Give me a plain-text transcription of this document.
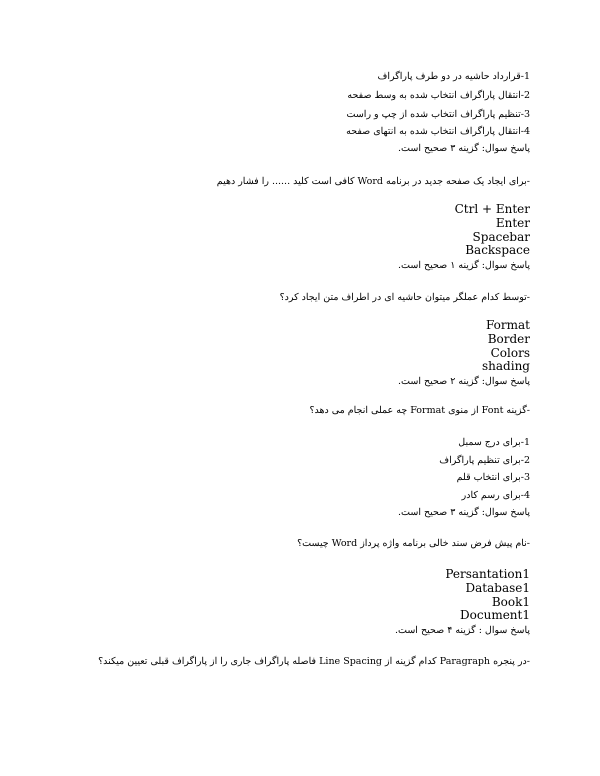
1-قرارداد حاشیه در دو طرف پاراگراف
2-انتقال پاراگراف انتخاب شده به وسط صفحه
3-تنظیم پاراگراف انتخاب شده از چپ و راست
4-انتقال پاراگراف انتخاب شده به انتهای صفحه
پاسخ سوال: گزینه ۳ صحیح است.
-برای ایجاد یک صفحه جدید در برنامه Word کافی است کلید ...... را فشار دهیم
Ctrl + Enter
Enter
Spacebar
Backspace
پاسخ سوال: گزینه ۱ صحیح است.
-توسط کدام عملگر میتوان حاشیه ای در اطراف متن ایجاد کرد؟
Format
Border
Colors
shading
پاسخ سوال: گزینه ۲ صحیح است.
-گزینه Font از منوی Format چه عملی انجام می دهد؟
1-برای درج سمبل
2-برای تنظیم پاراگراف
3-برای انتخاب قلم
4-برای رسم کادر
پاسخ سوال: گزینه ۳ صحیح است.
-نام پیش فرض سند خالی برنامه واژه پرداز Word چیست؟
Persantation1
Database1
Book1
Document1
پاسخ سوال : گزینه ۴ صحیح است.
-در پنجره Paragraph کدام گزینه از Line Spacing فاصله پاراگراف جاری را از پاراگراف قبلی تعیین میکند؟
